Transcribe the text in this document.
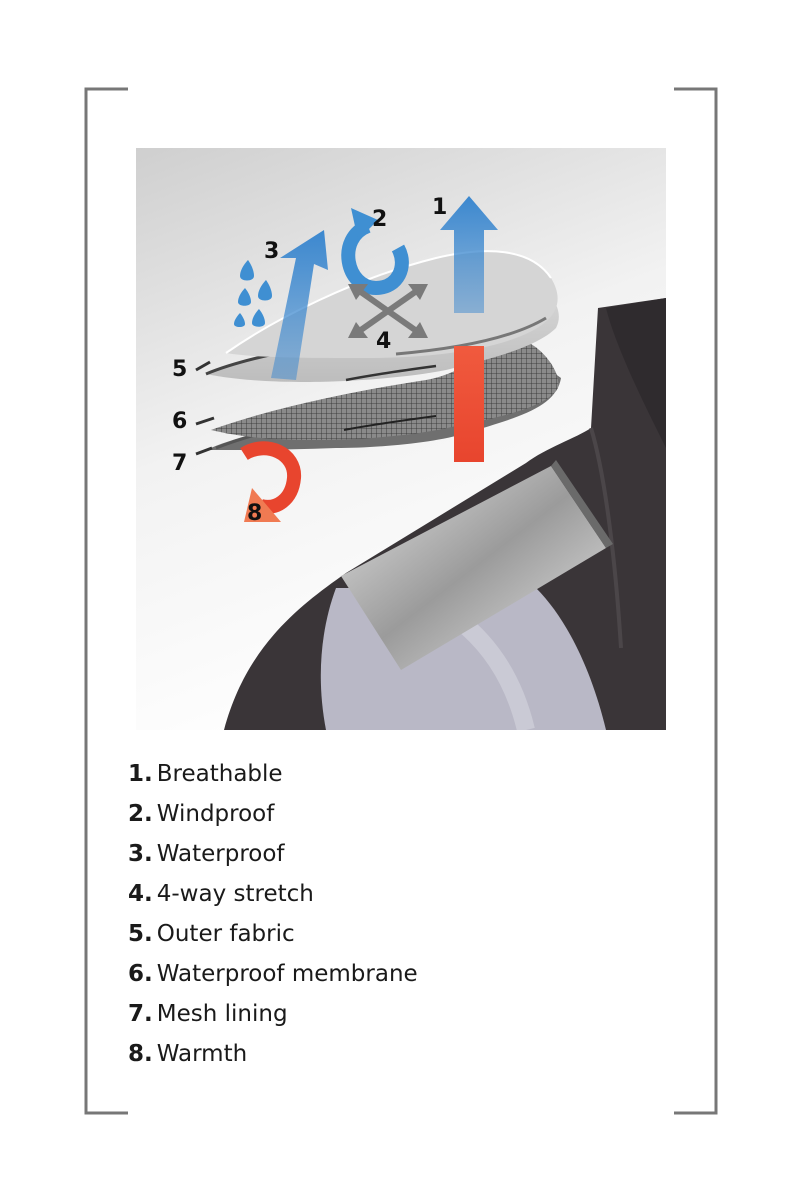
1
2
3
4
5
6
7
8
1. Breathable
2. Windproof
3. Waterproof
4. 4-way stretch
5. Outer fabric
6. Waterproof membrane
7. Mesh lining
8. Warmth
